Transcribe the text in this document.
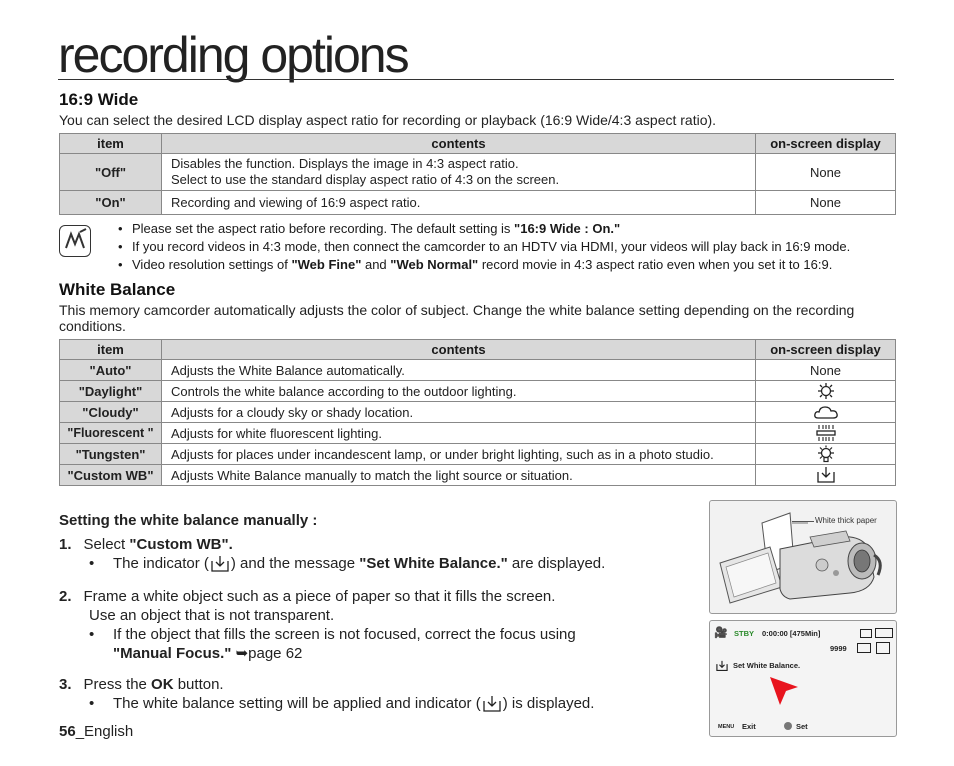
recording options
16:9 Wide
You can select the desired LCD display aspect ratio for recording or playback (16:9 Wide/4:3 aspect ratio).
item	contents	on-screen display
"Off"	Disables the function. Displays the image in 4:3 aspect ratio.
Select to use the standard display aspect ratio of 4:3 on the screen.	None
"On"	Recording and viewing of 16:9 aspect ratio.	None
• Please set the aspect ratio before recording. The default setting is "16:9 Wide : On."
• If you record videos in 4:3 mode, then connect the camcorder to an HDTV via HDMI, your videos will play back in 16:9 mode.
• Video resolution settings of "Web Fine" and "Web Normal" record movie in 4:3 aspect ratio even when you set it to 16:9.
White Balance
This memory camcorder automatically adjusts the color of subject. Change the white balance setting depending on the recording conditions.
item	contents	on-screen display
"Auto"	Adjusts the White Balance automatically.	None
"Daylight"	Controls the white balance according to the outdoor lighting.	
"Cloudy"	Adjusts for a cloudy sky or shady location.	
"Fluorescent "	Adjusts for white fluorescent lighting.	
"Tungsten"	Adjusts for places under incandescent lamp, or under bright lighting, such as in a photo studio.	
"Custom WB"	Adjusts White Balance manually to match the light source or situation.	
Setting the white balance manually :
1. Select "Custom WB".
• The indicator ( ) and the message "Set White Balance." are displayed.
2. Frame a white object such as a piece of paper so that it fills the screen.
Use an object that is not transparent.
• If the object that fills the screen is not focused, correct the focus using
"Manual Focus." ➥page 62
3. Press the OK button.
• The white balance setting will be applied and indicator ( ) is displayed.
White thick paper
🎥 STBY 0:00:00 [475Min]
9999
Set White Balance.
MENU Exit	Set
56_English
